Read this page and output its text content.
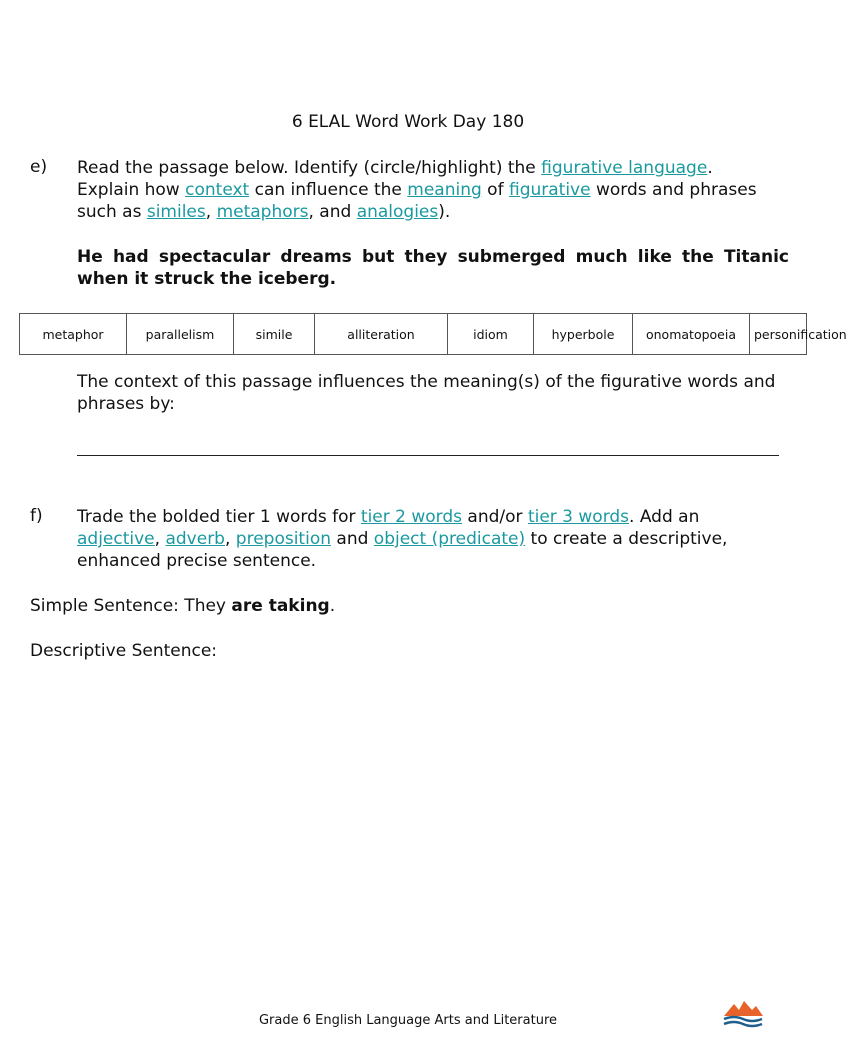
6 ELAL Word Work Day 180
e) Read the passage below. Identify (circle/highlight) the figurative language.
Explain how context can influence the meaning of figurative words and phrases
such as similes, metaphors, and analogies).
He had spectacular dreams but they submerged much like the Titanic when it struck the iceberg.
metaphor	parallelism	simile	alliteration	idiom	hyperbole	onomatopoeia	personification
The context of this passage influences the meaning(s) of the figurative words and phrases by:
f) Trade the bolded tier 1 words for tier 2 words and/or tier 3 words. Add an
adjective, adverb, preposition and object (predicate) to create a descriptive,
enhanced precise sentence.
Simple Sentence: They are taking.
Descriptive Sentence:
Grade 6 English Language Arts and Literature
